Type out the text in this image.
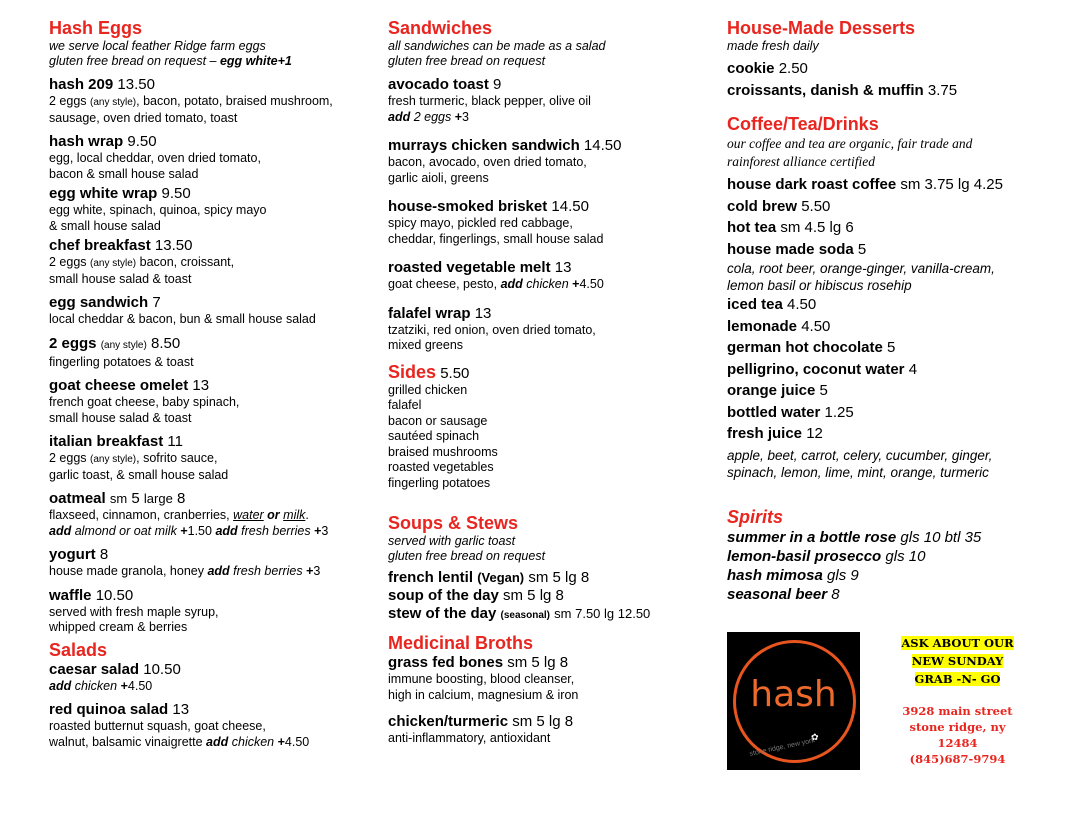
Hash Eggs
we serve local feather Ridge farm eggs
gluten free bread on request – egg white+1
hash 209 13.50
2 eggs (any style), bacon, potato, braised mushroom,
sausage, oven dried tomato, toast
hash wrap 9.50
egg, local cheddar, oven dried tomato,
bacon & small house salad
egg white wrap 9.50
egg white, spinach, quinoa, spicy mayo
& small house salad
chef breakfast 13.50
2 eggs (any style) bacon, croissant,
small house salad & toast
egg sandwich 7
local cheddar & bacon, bun & small house salad
2 eggs (any style) 8.50
fingerling potatoes & toast
goat cheese omelet 13
french goat cheese, baby spinach,
small house salad & toast
italian breakfast 11
2 eggs (any style), sofrito sauce,
garlic toast, & small house salad
oatmeal sm 5 large 8
flaxseed, cinnamon, cranberries, water or milk.
add almond or oat milk +1.50 add fresh berries +3
yogurt 8
house made granola, honey add fresh berries +3
waffle 10.50
served with fresh maple syrup,
whipped cream & berries
Salads
caesar salad 10.50
add chicken +4.50
red quinoa salad 13
roasted butternut squash, goat cheese,
walnut, balsamic vinaigrette add chicken +4.50
Sandwiches
all sandwiches can be made as a salad
gluten free bread on request
avocado toast 9
fresh turmeric, black pepper, olive oil
add 2 eggs +3
murrays chicken sandwich 14.50
bacon, avocado, oven dried tomato,
garlic aioli, greens
house-smoked brisket 14.50
spicy mayo, pickled red cabbage,
cheddar, fingerlings, small house salad
roasted vegetable melt 13
goat cheese, pesto, add chicken +4.50
falafel wrap 13
tzatziki, red onion, oven dried tomato,
mixed greens
Sides 5.50
grilled chicken
falafel
bacon or sausage
sautéed spinach
braised mushrooms
roasted vegetables
fingerling potatoes
Soups & Stews
served with garlic toast
gluten free bread on request
french lentil (Vegan) sm 5 lg 8
soup of the day sm 5 lg 8
stew of the day (seasonal) sm 7.50 lg 12.50
Medicinal Broths
grass fed bones sm 5 lg 8
immune boosting, blood cleanser,
high in calcium, magnesium & iron
chicken/turmeric sm 5 lg 8
anti-inflammatory, antioxidant
House-Made Desserts
made fresh daily
cookie 2.50
croissants, danish & muffin 3.75
Coffee/Tea/Drinks
our coffee and tea are organic, fair trade and
rainforest alliance certified
house dark roast coffee sm 3.75 lg 4.25
cold brew 5.50
hot tea sm 4.5 lg 6
house made soda 5
cola, root beer, orange-ginger, vanilla-cream,
lemon basil or hibiscus rosehip
iced tea 4.50
lemonade 4.50
german hot chocolate 5
pelligrino, coconut water 4
orange juice 5
bottled water 1.25
fresh juice 12
apple, beet, carrot, celery, cucumber, ginger,
spinach, lemon, lime, mint, orange, turmeric
Spirits
summer in a bottle rose gls 10 btl 35
lemon-basil prosecco gls 10
hash mimosa gls 9
seasonal beer 8
hash
stone ridge, new york
✿
ASK ABOUT OUR
NEW SUNDAY
GRAB -N- GO
3928 main street
stone ridge, ny
12484
(845)687-9794
